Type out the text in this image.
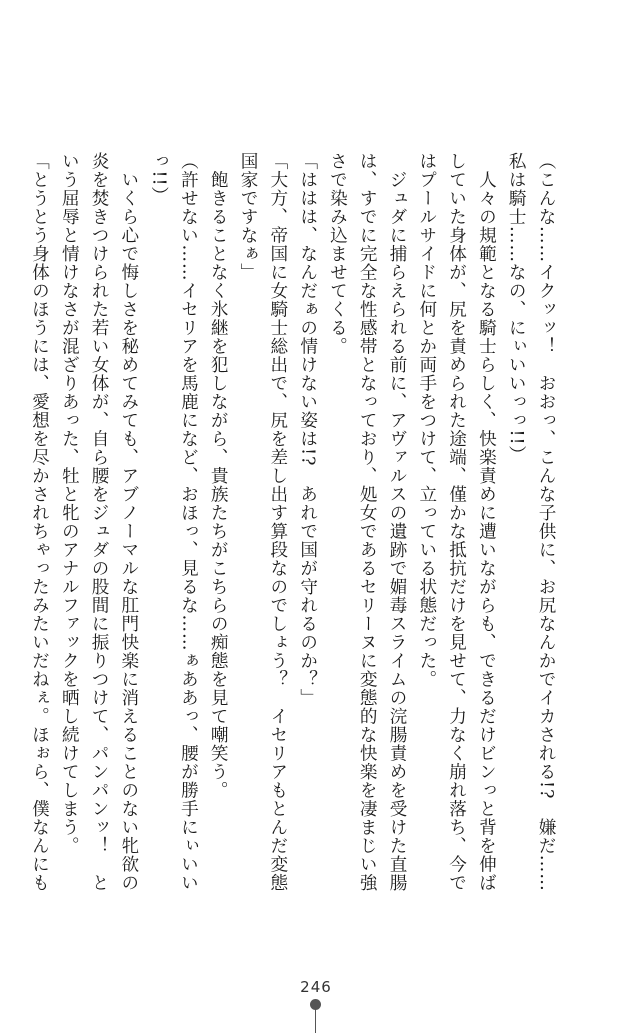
（こんな……イクッッ！　おおっ、こんな子供に、お尻なんかでイカされる!?　嫌だ……
私は騎士……なの、にぃいいっっ!!）
　人々の規範となる騎士らしく、快楽責めに遭いながらも、できるだけビンっと背を伸ば
していた身体が、尻を責められた途端、僅かな抵抗だけを見せて、力なく崩れ落ち、今で
はプールサイドに何とか両手をつけて、立っている状態だった。
　ジュダに捕らえられる前に、アヴァルスの遺跡で媚毒スライムの浣腸責めを受けた直腸
は、すでに完全な性感帯となっており、処女であるセリーヌに変態的な快楽を凄まじい強
さで染み込ませてくる。
「ははは、なんだぁの情けない姿は!?　あれで国が守れるのか？」
「大方、帝国に女騎士総出で、尻を差し出す算段なのでしょう？　イセリアもとんだ変態
国家ですなぁ」
　飽きることなく氷継を犯しながら、貴族たちがこちらの痴態を見て嘲笑う。
（許せない……イセリアを馬鹿になど、おほっ、見るな……ぁああっ、腰が勝手にぃいい
っ!!）
　いくら心で悔しさを秘めてみても、アブノーマルな肛門快楽に消えることのない牝欲の
炎を焚きつけられた若い女体が、自ら腰をジュダの股間に振りつけて、パンパンッ！　と
いう屈辱と情けなさが混ざりあった、牡と牝のアナルファックを晒し続けてしまう。
「とうとう身体のほうには、愛想を尽かされちゃったみたいだねぇ。ほぉら、僕なんにも
246
